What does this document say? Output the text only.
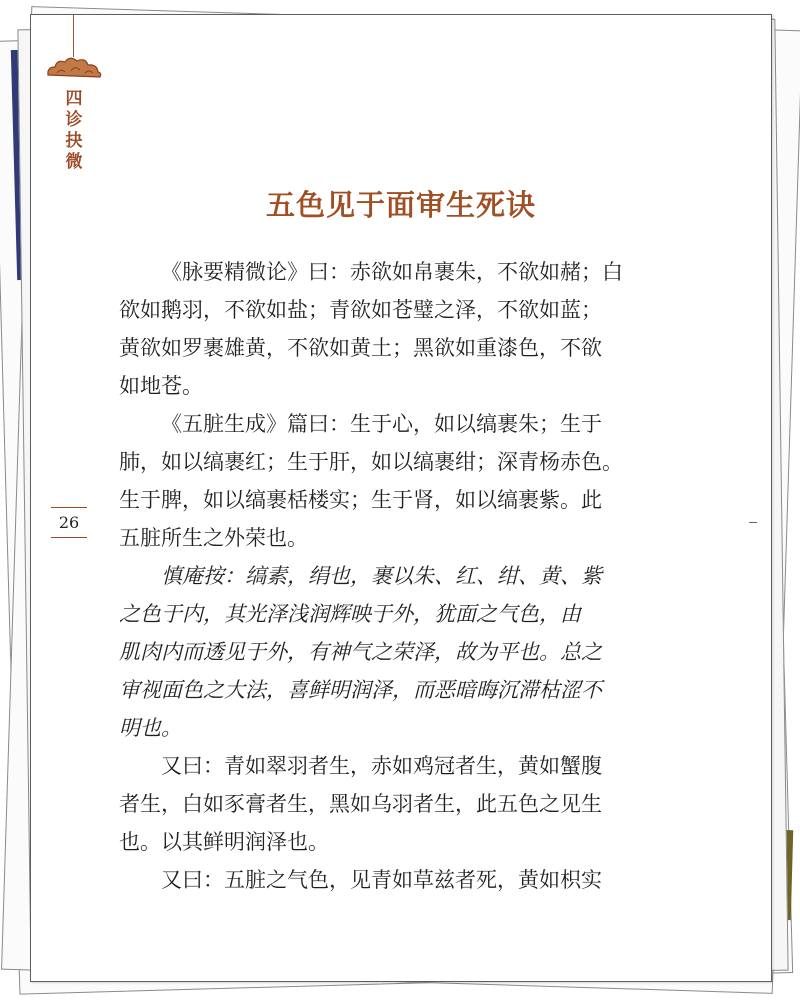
四诊抉微
26
五色见于面审生死诀
《脉要精微论》曰：赤欲如帛裹朱，不欲如赭；白
欲如鹅羽，不欲如盐；青欲如苍璧之泽，不欲如蓝；
黄欲如罗裹雄黄，不欲如黄土；黑欲如重漆色，不欲
如地苍。
《五脏生成》篇曰：生于心，如以缟裹朱；生于
肺，如以缟裹红；生于肝，如以缟裹绀；深青杨赤色。
生于脾，如以缟裹栝楼实；生于肾，如以缟裹紫。此
五脏所生之外荣也。
慎庵按：缟素，绢也，裹以朱、红、绀、黄、紫
之色于内，其光泽浅润辉映于外，犹面之气色，由
肌肉内而透见于外，有神气之荣泽，故为平也。总之
审视面色之大法，喜鲜明润泽，而恶暗晦沉滞枯涩不
明也。
又曰：青如翠羽者生，赤如鸡冠者生，黄如蟹腹
者生，白如豕膏者生，黑如乌羽者生，此五色之见生
也。以其鲜明润泽也。
又曰：五脏之气色，见青如草兹者死，黄如枳实
